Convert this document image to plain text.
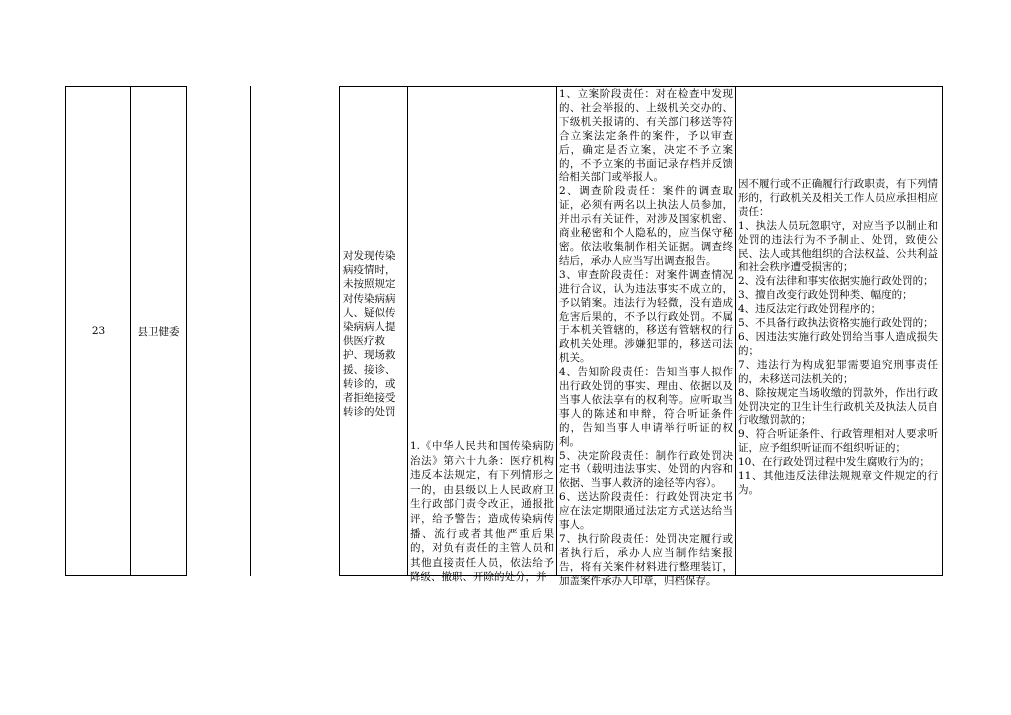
23	县卫健委
对发现传染病疫情时，未按照规定对传染病病人、疑似传染病病人提供医疗救护、现场救援、接诊、转诊的，或者拒绝接受转诊的处罚
1.《中华人民共和国传染病防治法》第六十九条：医疗机构违反本法规定，有下列情形之一的，由县级以上人民政府卫生行政部门责令改正，通报批评，给予警告；造成传染病传播、流行或者其他严重后果的，对负有责任的主管人员和其他直接责任人员，依法给予降级、撤职、开除的处分，并
1、立案阶段责任：对在检查中发现的、社会举报的、上级机关交办的、下级机关报请的、有关部门移送等符合立案法定条件的案件，予以审查后，确定是否立案，决定不予立案的，不予立案的书面记录存档并反馈给相关部门或举报人。
2、调查阶段责任：案件的调查取证，必须有两名以上执法人员参加，并出示有关证件，对涉及国家机密、商业秘密和个人隐私的，应当保守秘密。依法收集制作相关证据。调查终结后，承办人应当写出调查报告。
3、审查阶段责任：对案件调查情况进行合议，认为违法事实不成立的，予以销案。违法行为轻微，没有造成危害后果的，不予以行政处罚。不属于本机关管辖的，移送有管辖权的行政机关处理。涉嫌犯罪的，移送司法机关。
4、告知阶段责任：告知当事人拟作出行政处罚的事实、理由、依据以及当事人依法享有的权利等。应听取当事人的陈述和申辩，符合听证条件的，告知当事人申请举行听证的权利。
5、决定阶段责任：制作行政处罚决定书（载明违法事实、处罚的内容和依据、当事人救济的途径等内容）。
6、送达阶段责任：行政处罚决定书应在法定期限通过法定方式送达给当事人。
7、执行阶段责任：处罚决定履行或者执行后，承办人应当制作结案报告，将有关案件材料进行整理装订，加盖案件承办人印章，归档保存。
因不履行或不正确履行行政职责，有下列情形的，行政机关及相关工作人员应承担相应责任：
1、执法人员玩忽职守，对应当予以制止和处罚的违法行为不予制止、处罚，致使公民、法人或其他组织的合法权益、公共利益和社会秩序遭受损害的；
2、没有法律和事实依据实施行政处罚的；
3、擅自改变行政处罚种类、幅度的；
4、违反法定行政处罚程序的；
5、不具备行政执法资格实施行政处罚的；
6、因违法实施行政处罚给当事人造成损失的；
7、违法行为构成犯罪需要追究刑事责任的，未移送司法机关的；
8、除按规定当场收缴的罚款外，作出行政处罚决定的卫生计生行政机关及执法人员自行收缴罚款的；
9、符合听证条件、行政管理相对人要求听证，应予组织听证而不组织听证的；
10、在行政处罚过程中发生腐败行为的；
11、其他违反法律法规规章文件规定的行为。
